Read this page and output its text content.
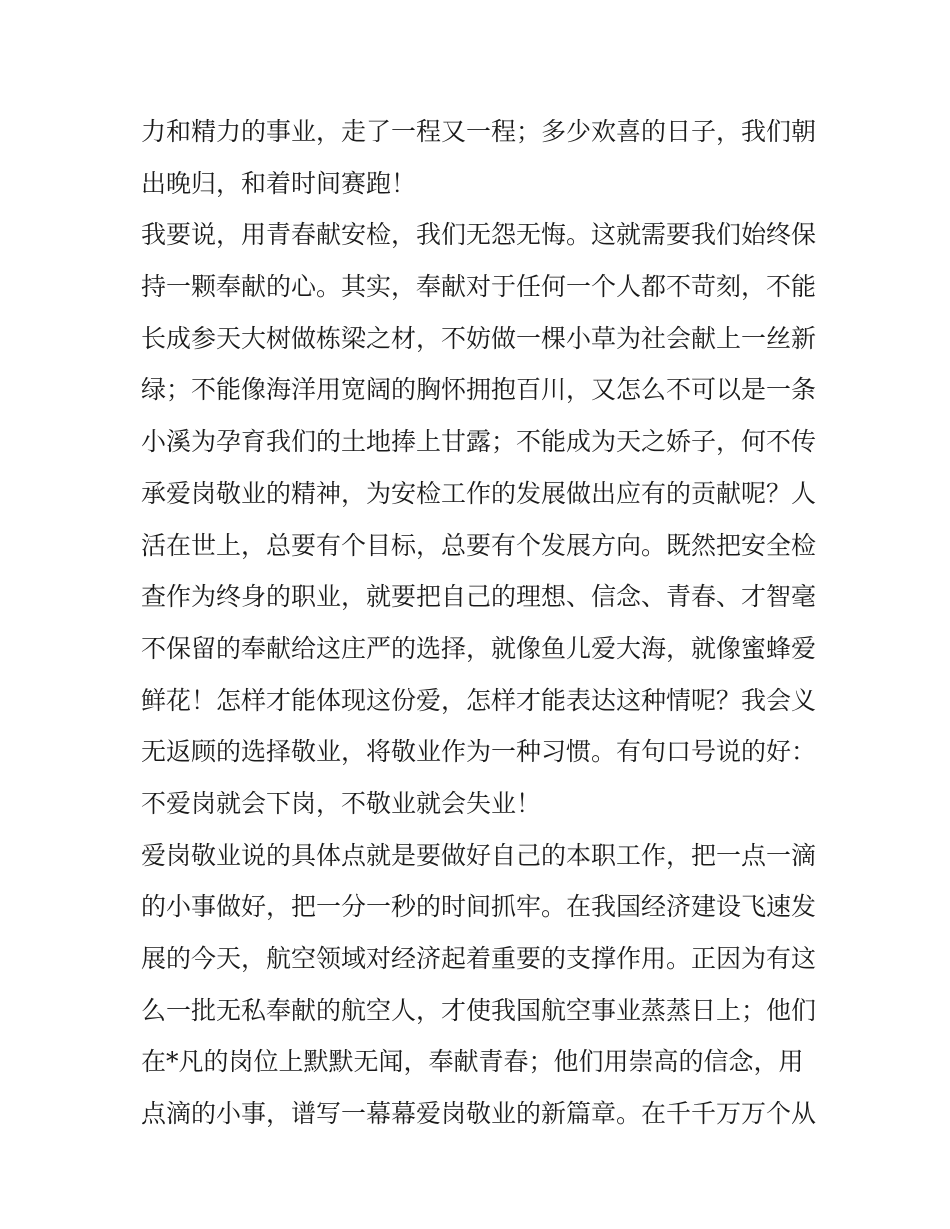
力和精力的事业，走了一程又一程；多少欢喜的日子，我们朝
出晚归，和着时间赛跑！
我要说，用青春献安检，我们无怨无悔。这就需要我们始终保
持一颗奉献的心。其实，奉献对于任何一个人都不苛刻，不能
长成参天大树做栋梁之材，不妨做一棵小草为社会献上一丝新
绿；不能像海洋用宽阔的胸怀拥抱百川，又怎么不可以是一条
小溪为孕育我们的土地捧上甘露；不能成为天之娇子，何不传
承爱岗敬业的精神，为安检工作的发展做出应有的贡献呢？人
活在世上，总要有个目标，总要有个发展方向。既然把安全检
查作为终身的职业，就要把自己的理想、信念、青春、才智毫
不保留的奉献给这庄严的选择，就像鱼儿爱大海，就像蜜蜂爱
鲜花！怎样才能体现这份爱，怎样才能表达这种情呢？我会义
无返顾的选择敬业，将敬业作为一种习惯。有句口号说的好：
不爱岗就会下岗，不敬业就会失业！
爱岗敬业说的具体点就是要做好自己的本职工作，把一点一滴
的小事做好，把一分一秒的时间抓牢。在我国经济建设飞速发
展的今天，航空领域对经济起着重要的支撑作用。正因为有这
么一批无私奉献的航空人，才使我国航空事业蒸蒸日上；他们
在*凡的岗位上默默无闻，奉献青春；他们用崇高的信念，用
点滴的小事，谱写一幕幕爱岗敬业的新篇章。在千千万万个从
